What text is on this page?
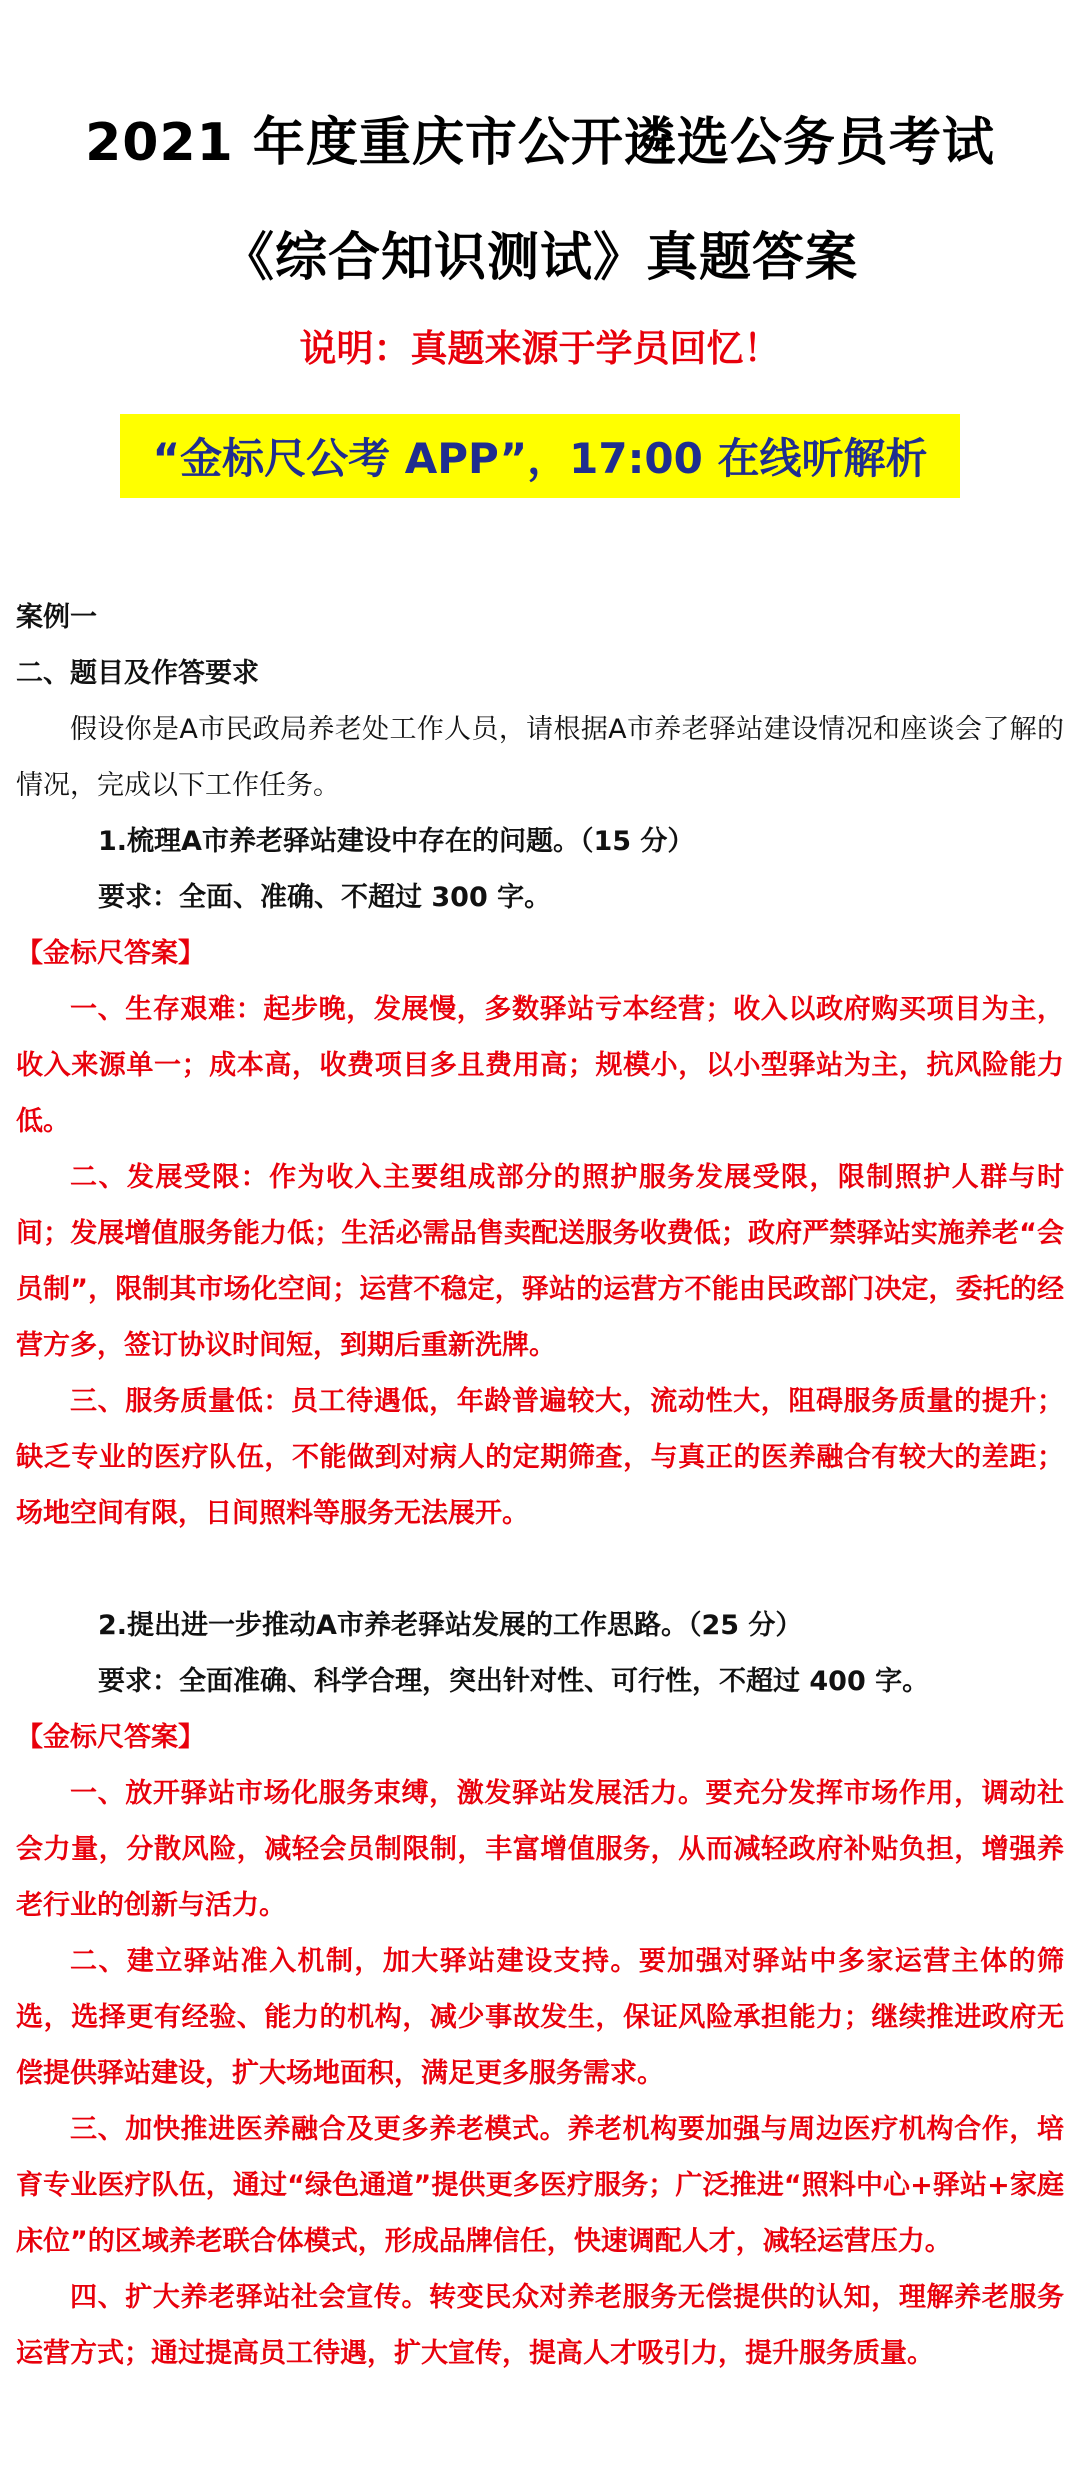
2021 年度重庆市公开遴选公务员考试
《综合知识测试》真题答案
说明：真题来源于学员回忆！
“金标尺公考 APP”，17:00 在线听解析

案例一

二、题目及作答要求

假设你是A市民政局养老处工作人员，请根据A市养老驿站建设情况和座谈会了解的情况，完成以下工作任务。

1.梳理A市养老驿站建设中存在的问题。（15 分）

要求：全面、准确、不超过 300 字。

【金标尺答案】

一、生存艰难：起步晚，发展慢，多数驿站亏本经营；收入以政府购买项目为主，收入来源单一；成本高，收费项目多且费用高；规模小，以小型驿站为主，抗风险能力低。

二、发展受限：作为收入主要组成部分的照护服务发展受限，限制照护人群与时间；发展增值服务能力低；生活必需品售卖配送服务收费低；政府严禁驿站实施养老“会员制”，限制其市场化空间；运营不稳定，驿站的运营方不能由民政部门决定，委托的经营方多，签订协议时间短，到期后重新洗牌。

三、服务质量低：员工待遇低，年龄普遍较大，流动性大，阻碍服务质量的提升；缺乏专业的医疗队伍，不能做到对病人的定期筛查，与真正的医养融合有较大的差距；场地空间有限，日间照料等服务无法展开。

2.提出进一步推动A市养老驿站发展的工作思路。（25 分）

要求：全面准确、科学合理，突出针对性、可行性，不超过 400 字。

【金标尺答案】

一、放开驿站市场化服务束缚，激发驿站发展活力。要充分发挥市场作用，调动社会力量，分散风险，减轻会员制限制，丰富增值服务，从而减轻政府补贴负担，增强养老行业的创新与活力。

二、建立驿站准入机制，加大驿站建设支持。要加强对驿站中多家运营主体的筛选，选择更有经验、能力的机构，减少事故发生，保证风险承担能力；继续推进政府无偿提供驿站建设，扩大场地面积，满足更多服务需求。

三、加快推进医养融合及更多养老模式。养老机构要加强与周边医疗机构合作，培育专业医疗队伍，通过“绿色通道”提供更多医疗服务；广泛推进“照料中心+驿站+家庭床位”的区域养老联合体模式，形成品牌信任，快速调配人才，减轻运营压力。

四、扩大养老驿站社会宣传。转变民众对养老服务无偿提供的认知，理解养老服务运营方式；通过提高员工待遇，扩大宣传，提高人才吸引力，提升服务质量。
